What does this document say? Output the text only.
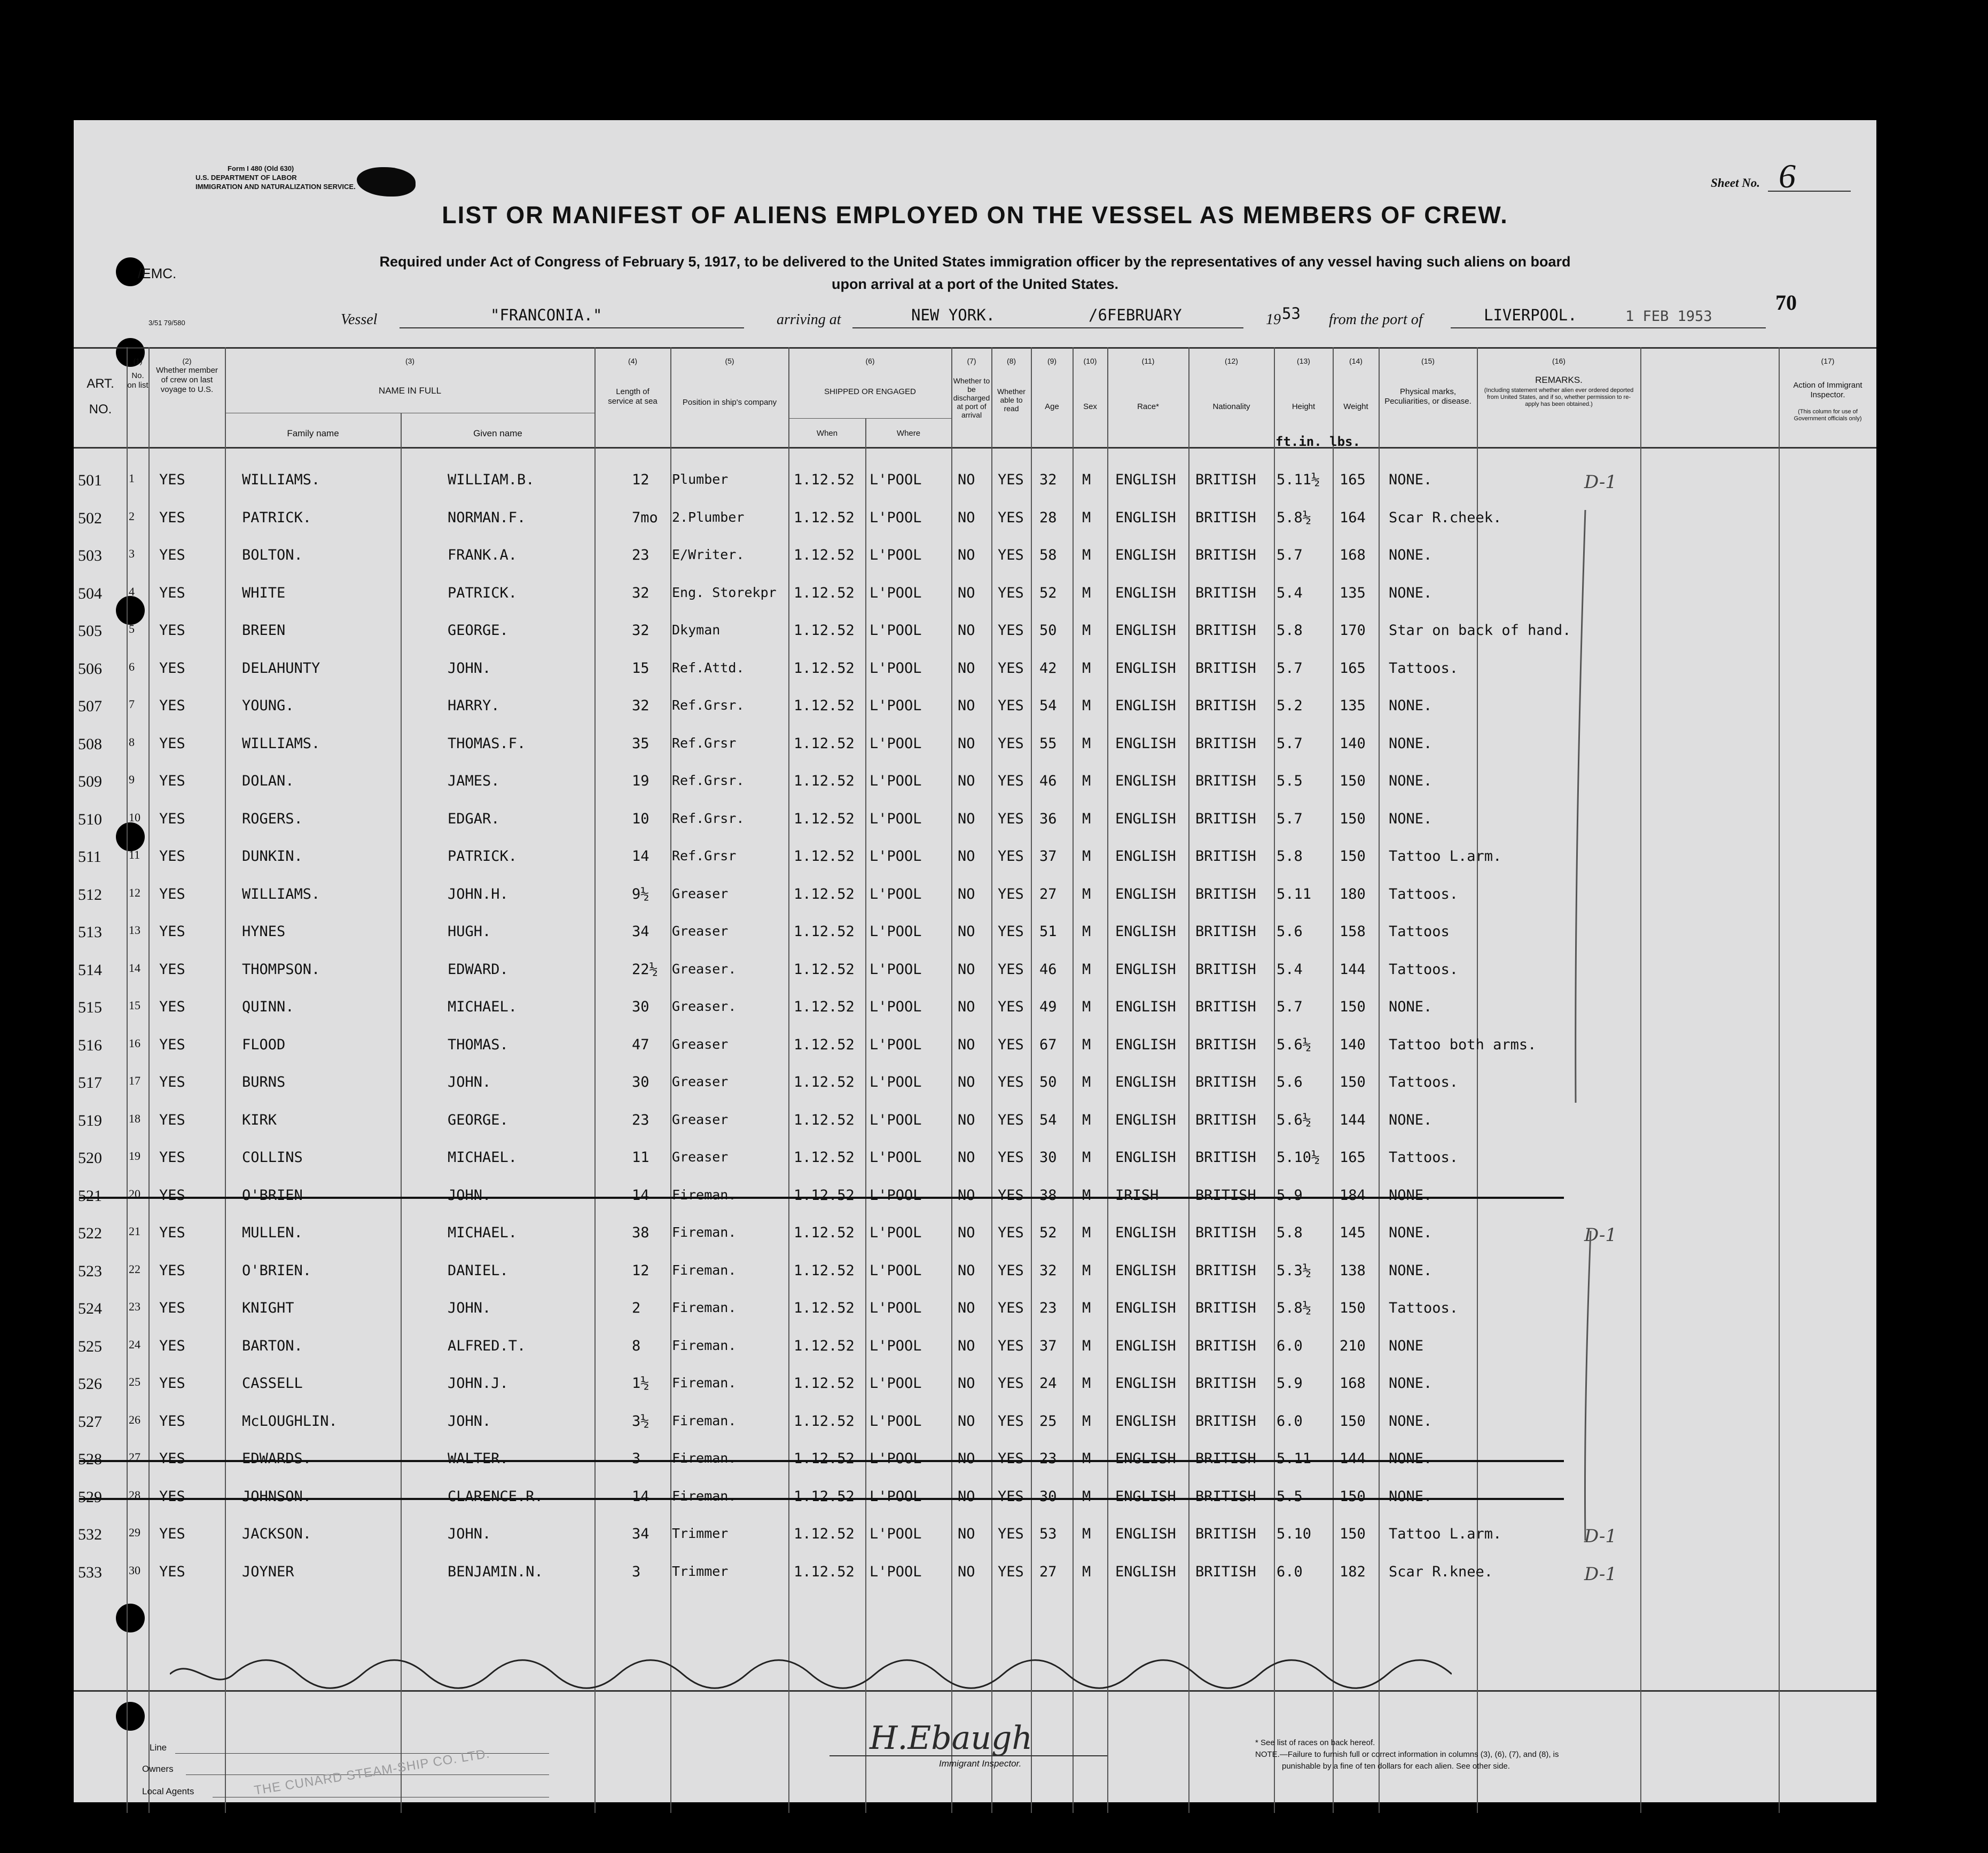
Form I 480 (Old 630)
U.S. DEPARTMENT OF LABOR
IMMIGRATION AND NATURALIZATION SERVICE.	Sheet No. 6
LIST OR MANIFEST OF ALIENS EMPLOYED ON THE VESSEL AS MEMBERS OF CREW.
Required under Act of Congress of February 5, 1917, to be delivered to the United States immigration officer by the representatives of any vessel having such aliens on board
upon arrival at a port of the United States.
/EMC.
3/51 79/580	Vessel	"FRANCONIA."	arriving at	NEW YORK.	/6FEBRUARY	19 53 from the port of	LIVERPOOL.	1 FEB 1953
70
ART. NO.
(1)
No. on list
(2)
Whether member of crew on last voyage to U.S.
(3)
NAME IN FULL
Family name	Given name
(4)
Length of service at sea
(5)
Position in ship's company
(6)
SHIPPED OR ENGAGED
When	Where
(7)
Whether to be discharged at port of arrival
(8)
Whether able to read
(9)
Age
(10)
Sex
(11)
Race*
(12)
Nationality
(13)
Height
(14)
Weight
(15)
Physical marks, Peculiarities, or disease.
(16)
REMARKS.
(Including statement whether alien ever ordered deported from United States, and if so, whether permission to re-apply has been obtained.)
(17)
Action of Immigrant Inspector.
(This column for use of Government officials only)
ft.in. lbs.
501 1 YES	WILLIAMS.	WILLIAM.B.	12 Plumber	1.12.52 L'POOL NO YES 32 M ENGLISH BRITISH 5.11½ 165 NONE.	D-1
502 2 YES	PATRICK.	NORMAN.F.	7mo 2.Plumber	1.12.52 L'POOL NO YES 28 M ENGLISH BRITISH 5.8½ 164 Scar R.cheek.
503 3 YES	BOLTON.	FRANK.A.	23 E/Writer.	1.12.52 L'POOL NO YES 58 M ENGLISH BRITISH 5.7	168 NONE.
504 4 YES	WHITE	PATRICK.	32 Eng. Storekpr 1.12.52 L'POOL NO YES 52 M ENGLISH BRITISH 5.4	135 NONE.
505 5 YES	BREEN	GEORGE.	32 Dkyman	1.12.52 L'POOL NO YES 50 M ENGLISH BRITISH 5.8	170 Star on back of hand.
506 6 YES	DELAHUNTY	JOHN.	15 Ref.Attd.	1.12.52 L'POOL NO YES 42 M ENGLISH BRITISH 5.7	165 Tattoos.
507 7 YES	YOUNG.	HARRY.	32 Ref.Grsr.	1.12.52 L'POOL NO YES 54 M ENGLISH BRITISH 5.2	135 NONE.
508 8 YES	WILLIAMS.	THOMAS.F.	35 Ref.Grsr	1.12.52 L'POOL NO YES 55 M ENGLISH BRITISH 5.7	140 NONE.
509 9 YES	DOLAN.	JAMES.	19 Ref.Grsr.	1.12.52 L'POOL NO YES 46 M ENGLISH BRITISH 5.5	150 NONE.
510 10 YES	ROGERS.	EDGAR.	10 Ref.Grsr.	1.12.52 L'POOL NO YES 36 M ENGLISH BRITISH 5.7	150 NONE.
511 11 YES	DUNKIN.	PATRICK.	14 Ref.Grsr	1.12.52 L'POOL NO YES 37 M ENGLISH BRITISH 5.8	150 Tattoo L.arm.
512 12 YES	WILLIAMS.	JOHN.H.	9½ Greaser	1.12.52 L'POOL NO YES 27 M ENGLISH BRITISH 5.11 180 Tattoos.
513 13 YES	HYNES	HUGH.	34 Greaser	1.12.52 L'POOL NO YES 51 M ENGLISH BRITISH 5.6	158 Tattoos
514 14 YES	THOMPSON.	EDWARD.	22½ Greaser.	1.12.52 L'POOL NO YES 46 M ENGLISH BRITISH 5.4	144 Tattoos.
515 15 YES	QUINN.	MICHAEL.	30 Greaser.	1.12.52 L'POOL NO YES 49 M ENGLISH BRITISH 5.7	150 NONE.
516 16 YES	FLOOD	THOMAS.	47 Greaser	1.12.52 L'POOL NO YES 67 M ENGLISH BRITISH 5.6½ 140 Tattoo both arms.
517 17 YES	BURNS	JOHN.	30 Greaser	1.12.52 L'POOL NO YES 50 M ENGLISH BRITISH 5.6	150 Tattoos.
519 18 YES	KIRK	GEORGE.	23 Greaser	1.12.52 L'POOL NO YES 54 M ENGLISH BRITISH 5.6½ 144 NONE.
520 19 YES	COLLINS	MICHAEL.	11 Greaser	1.12.52 L'POOL NO YES 30 M ENGLISH BRITISH 5.10½ 165 Tattoos.
521 20 YES	O'BRIEN	JOHN.	14 Fireman.	1.12.52 L'POOL NO YES 38 M IRISH	BRITISH 5.9	184 NONE.
522 21 YES	MULLEN.	MICHAEL.	38 Fireman.	1.12.52 L'POOL NO YES 52 M ENGLISH BRITISH 5.8	145 NONE.	D-1
523 22 YES	O'BRIEN.	DANIEL.	12 Fireman.	1.12.52 L'POOL NO YES 32 M ENGLISH BRITISH 5.3½ 138 NONE.
524 23 YES	KNIGHT	JOHN.	2 Fireman.	1.12.52 L'POOL NO YES 23 M ENGLISH BRITISH 5.8½ 150 Tattoos.
525 24 YES	BARTON.	ALFRED.T.	8 Fireman.	1.12.52 L'POOL NO YES 37 M ENGLISH BRITISH 6.0	210 NONE
526 25 YES	CASSELL	JOHN.J.	1½ Fireman.	1.12.52 L'POOL NO YES 24 M ENGLISH BRITISH 5.9	168 NONE.
527 26 YES	McLOUGHLIN.	JOHN.	3½ Fireman.	1.12.52 L'POOL NO YES 25 M ENGLISH BRITISH 6.0	150 NONE.
528 27 YES	EDWARDS.	WALTER.	3 Fireman.	1.12.52 L'POOL NO YES 23 M ENGLISH BRITISH 5.11 144 NONE.
529 28 YES	JOHNSON.	CLARENCE.R.	14 Fireman.	1.12.52 L'POOL NO YES 30 M ENGLISH BRITISH 5.5	150 NONE.
532 29 YES	JACKSON.	JOHN.	34 Trimmer	1.12.52 L'POOL NO YES 53 M ENGLISH BRITISH 5.10 150 Tattoo L.arm.	D-1
533 30 YES	JOYNER	BENJAMIN.N.	3 Trimmer	1.12.52 L'POOL NO YES 27 M ENGLISH BRITISH 6.0	182 Scar R.knee.	D-1
Line
Owners
Local Agents	THE CUNARD STEAM-SHIP CO. LTD.
H.Ebaugh
Immigrant Inspector.
* See list of races on back hereof.
NOTE.—Failure to furnish full or correct information in columns (3), (6), (7), and (8), is
punishable by a fine of ten dollars for each alien. See other side.
